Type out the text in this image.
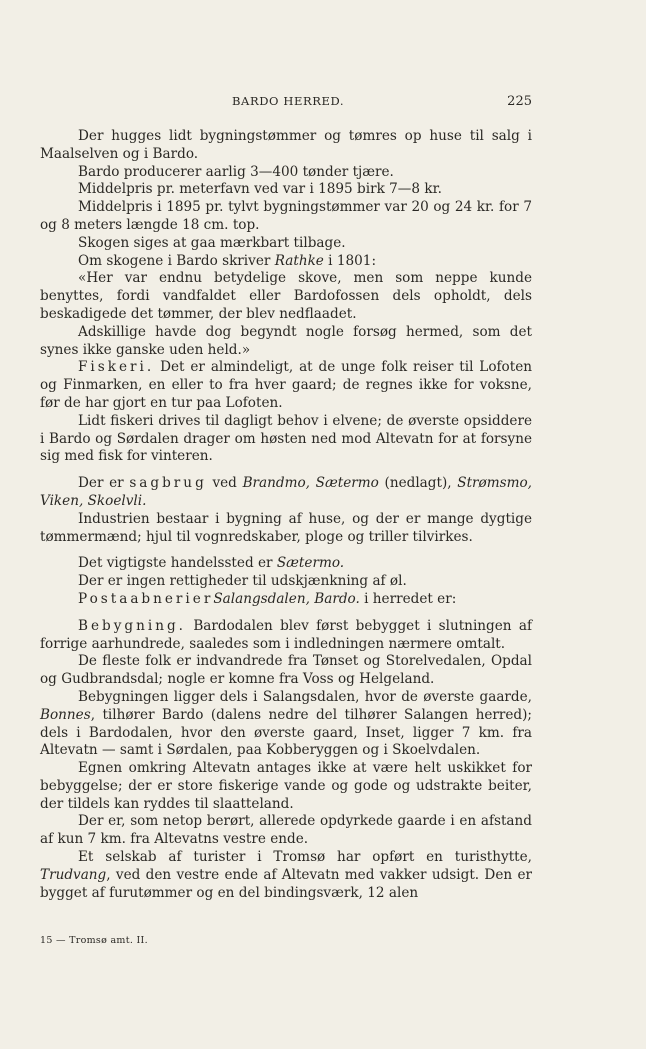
BARDO HERRED.	225

Der hugges lidt bygningstømmer og tømres op huse til salg i Maalselven og i Bardo.

Bardo producerer aarlig 3—400 tønder tjære.

Middelpris pr. meterfavn ved var i 1895 birk 7—8 kr.

Middelpris i 1895 pr. tylvt bygningstømmer var 20 og 24 kr. for 7 og 8 meters længde 18 cm. top.

Skogen siges at gaa mærkbart tilbage.

Om skogene i Bardo skriver Rathke i 1801:

«Her var endnu betydelige skove, men som neppe kunde benyttes, fordi vandfaldet eller Bardofossen dels opholdt, dels beskadigede det tømmer, der blev nedflaadet.

Adskillige havde dog begyndt nogle forsøg hermed, som det synes ikke ganske uden held.»

Fiskeri. Det er almindeligt, at de unge folk reiser til Lofoten og Finmarken, en eller to fra hver gaard; de regnes ikke for voksne, før de har gjort en tur paa Lofoten.

Lidt fiskeri drives til dagligt behov i elvene; de øverste opsiddere i Bardo og Sørdalen drager om høsten ned mod Altevatn for at forsyne sig med fisk for vinteren.

Der er sagbrug ved Brandmo, Sætermo (nedlagt), Strømsmo, Viken, Skoelvli.

Industrien bestaar i bygning af huse, og der er mange dygtige tømmermænd; hjul til vognredskaber, ploge og triller tilvirkes.

Det vigtigste handelssted er Sætermo.

Der er ingen rettigheder til udskjænkning af øl.

PostaabnerierSalangsdalen, Bardo. i herredet er:

Bebygning. Bardodalen blev først bebygget i slutningen af forrige aarhundrede, saaledes som i indledningen nærmere omtalt.

De fleste folk er indvandrede fra Tønset og Storelvedalen, Opdal og Gudbrandsdal; nogle er komne fra Voss og Helgeland.

Bebygningen ligger dels i Salangsdalen, hvor de øverste gaarde, Bonnes, tilhører Bardo (dalens nedre del tilhører Salangen herred); dels i Bardodalen, hvor den øverste gaard, Inset, ligger 7 km. fra Altevatn — samt i Sørdalen, paa Kobberyggen og i Skoelvdalen.

Egnen omkring Altevatn antages ikke at være helt uskikket for bebyggelse; der er store fiskerige vande og gode og udstrakte beiter, der tildels kan ryddes til slaatteland.

Der er, som netop berørt, allerede opdyrkede gaarde i en afstand af kun 7 km. fra Altevatns vestre ende.

Et selskab af turister i Tromsø har opført en turisthytte, Trudvang, ved den vestre ende af Altevatn med vakker udsigt. Den er bygget af furutømmer og en del bindingsværk, 12 alen

15 — Tromsø amt. II.
